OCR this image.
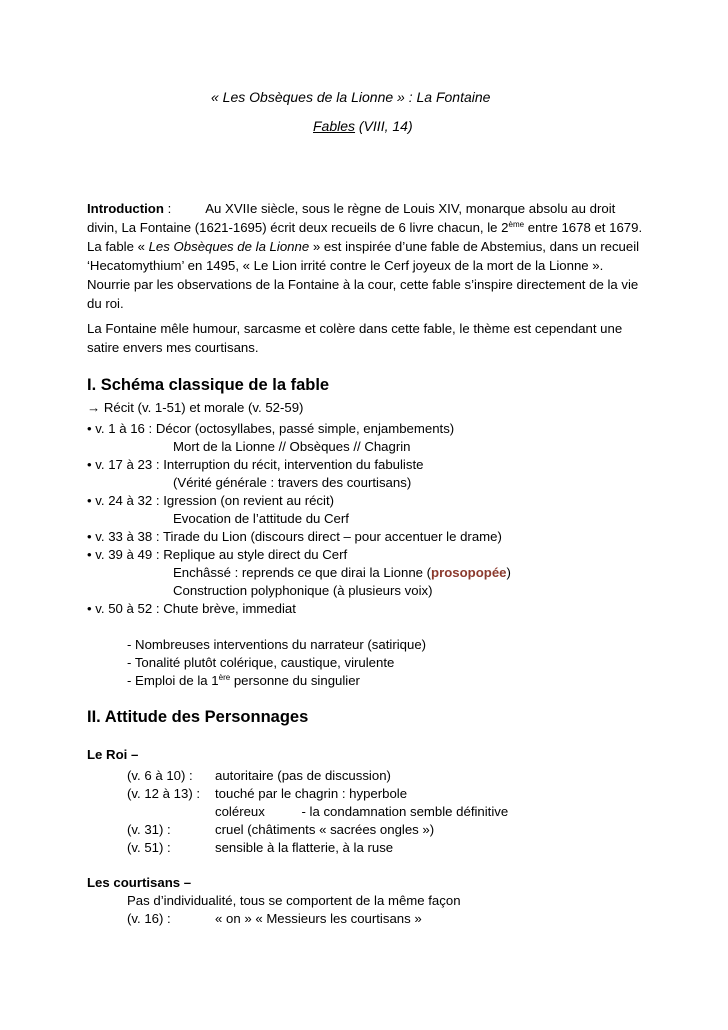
« Les Obsèques de la Lionne » : La Fontaine
Fables (VIII, 14)

Introduction :	Au XVIIe siècle, sous le règne de Louis XIV, monarque absolu au droit divin, La Fontaine (1621-1695) écrit deux recueils de 6 livre chacun, le 2ème entre 1678 et 1679. La fable « Les Obsèques de la Lionne » est inspirée d’une fable de Abstemius, dans un recueil ‘Hecatomythium’ en 1495, « Le Lion irrité contre le Cerf joyeux de la mort de la Lionne ». Nourrie par les observations de la Fontaine à la cour, cette fable s’inspire directement de la vie du roi.

La Fontaine mêle humour, sarcasme et colère dans cette fable, le thème est cependant une satire envers mes courtisans.

I. Schéma classique de la fable
→ Récit (v. 1-51) et morale (v. 52-59)
• v. 1 à 16 : Décor (octosyllabes, passé simple, enjambements)
Mort de la Lionne // Obsèques // Chagrin
• v. 17 à 23 : Interruption du récit, intervention du fabuliste
(Vérité générale : travers des courtisans)
• v. 24 à 32 : Igression (on revient au récit)
Evocation de l’attitude du Cerf
• v. 33 à 38 : Tirade du Lion (discours direct – pour accentuer le drame)
• v. 39 à 49 : Replique au style direct du Cerf
Enchâssé : reprends ce que dirai la Lionne (prosopopée)
Construction polyphonique (à plusieurs voix)
• v. 50 à 52 : Chute brève, immediat
- Nombreuses interventions du narrateur (satirique)
- Tonalité plutôt colérique, caustique, virulente
- Emploi de la 1ère personne du singulier
II. Attitude des Personnages
Le Roi –
(v. 6 à 10) : autoritaire (pas de discussion)
(v. 12 à 13) : touché par le chagrin : hyperbole
coléreux          - la condamnation semble définitive
(v. 31) :	cruel (châtiments « sacrées ongles »)
(v. 51) :	sensible à la flatterie, à la ruse
Les courtisans –
Pas d’individualité, tous se comportent de la même façon
(v. 16) :	« on » « Messieurs les courtisans »
